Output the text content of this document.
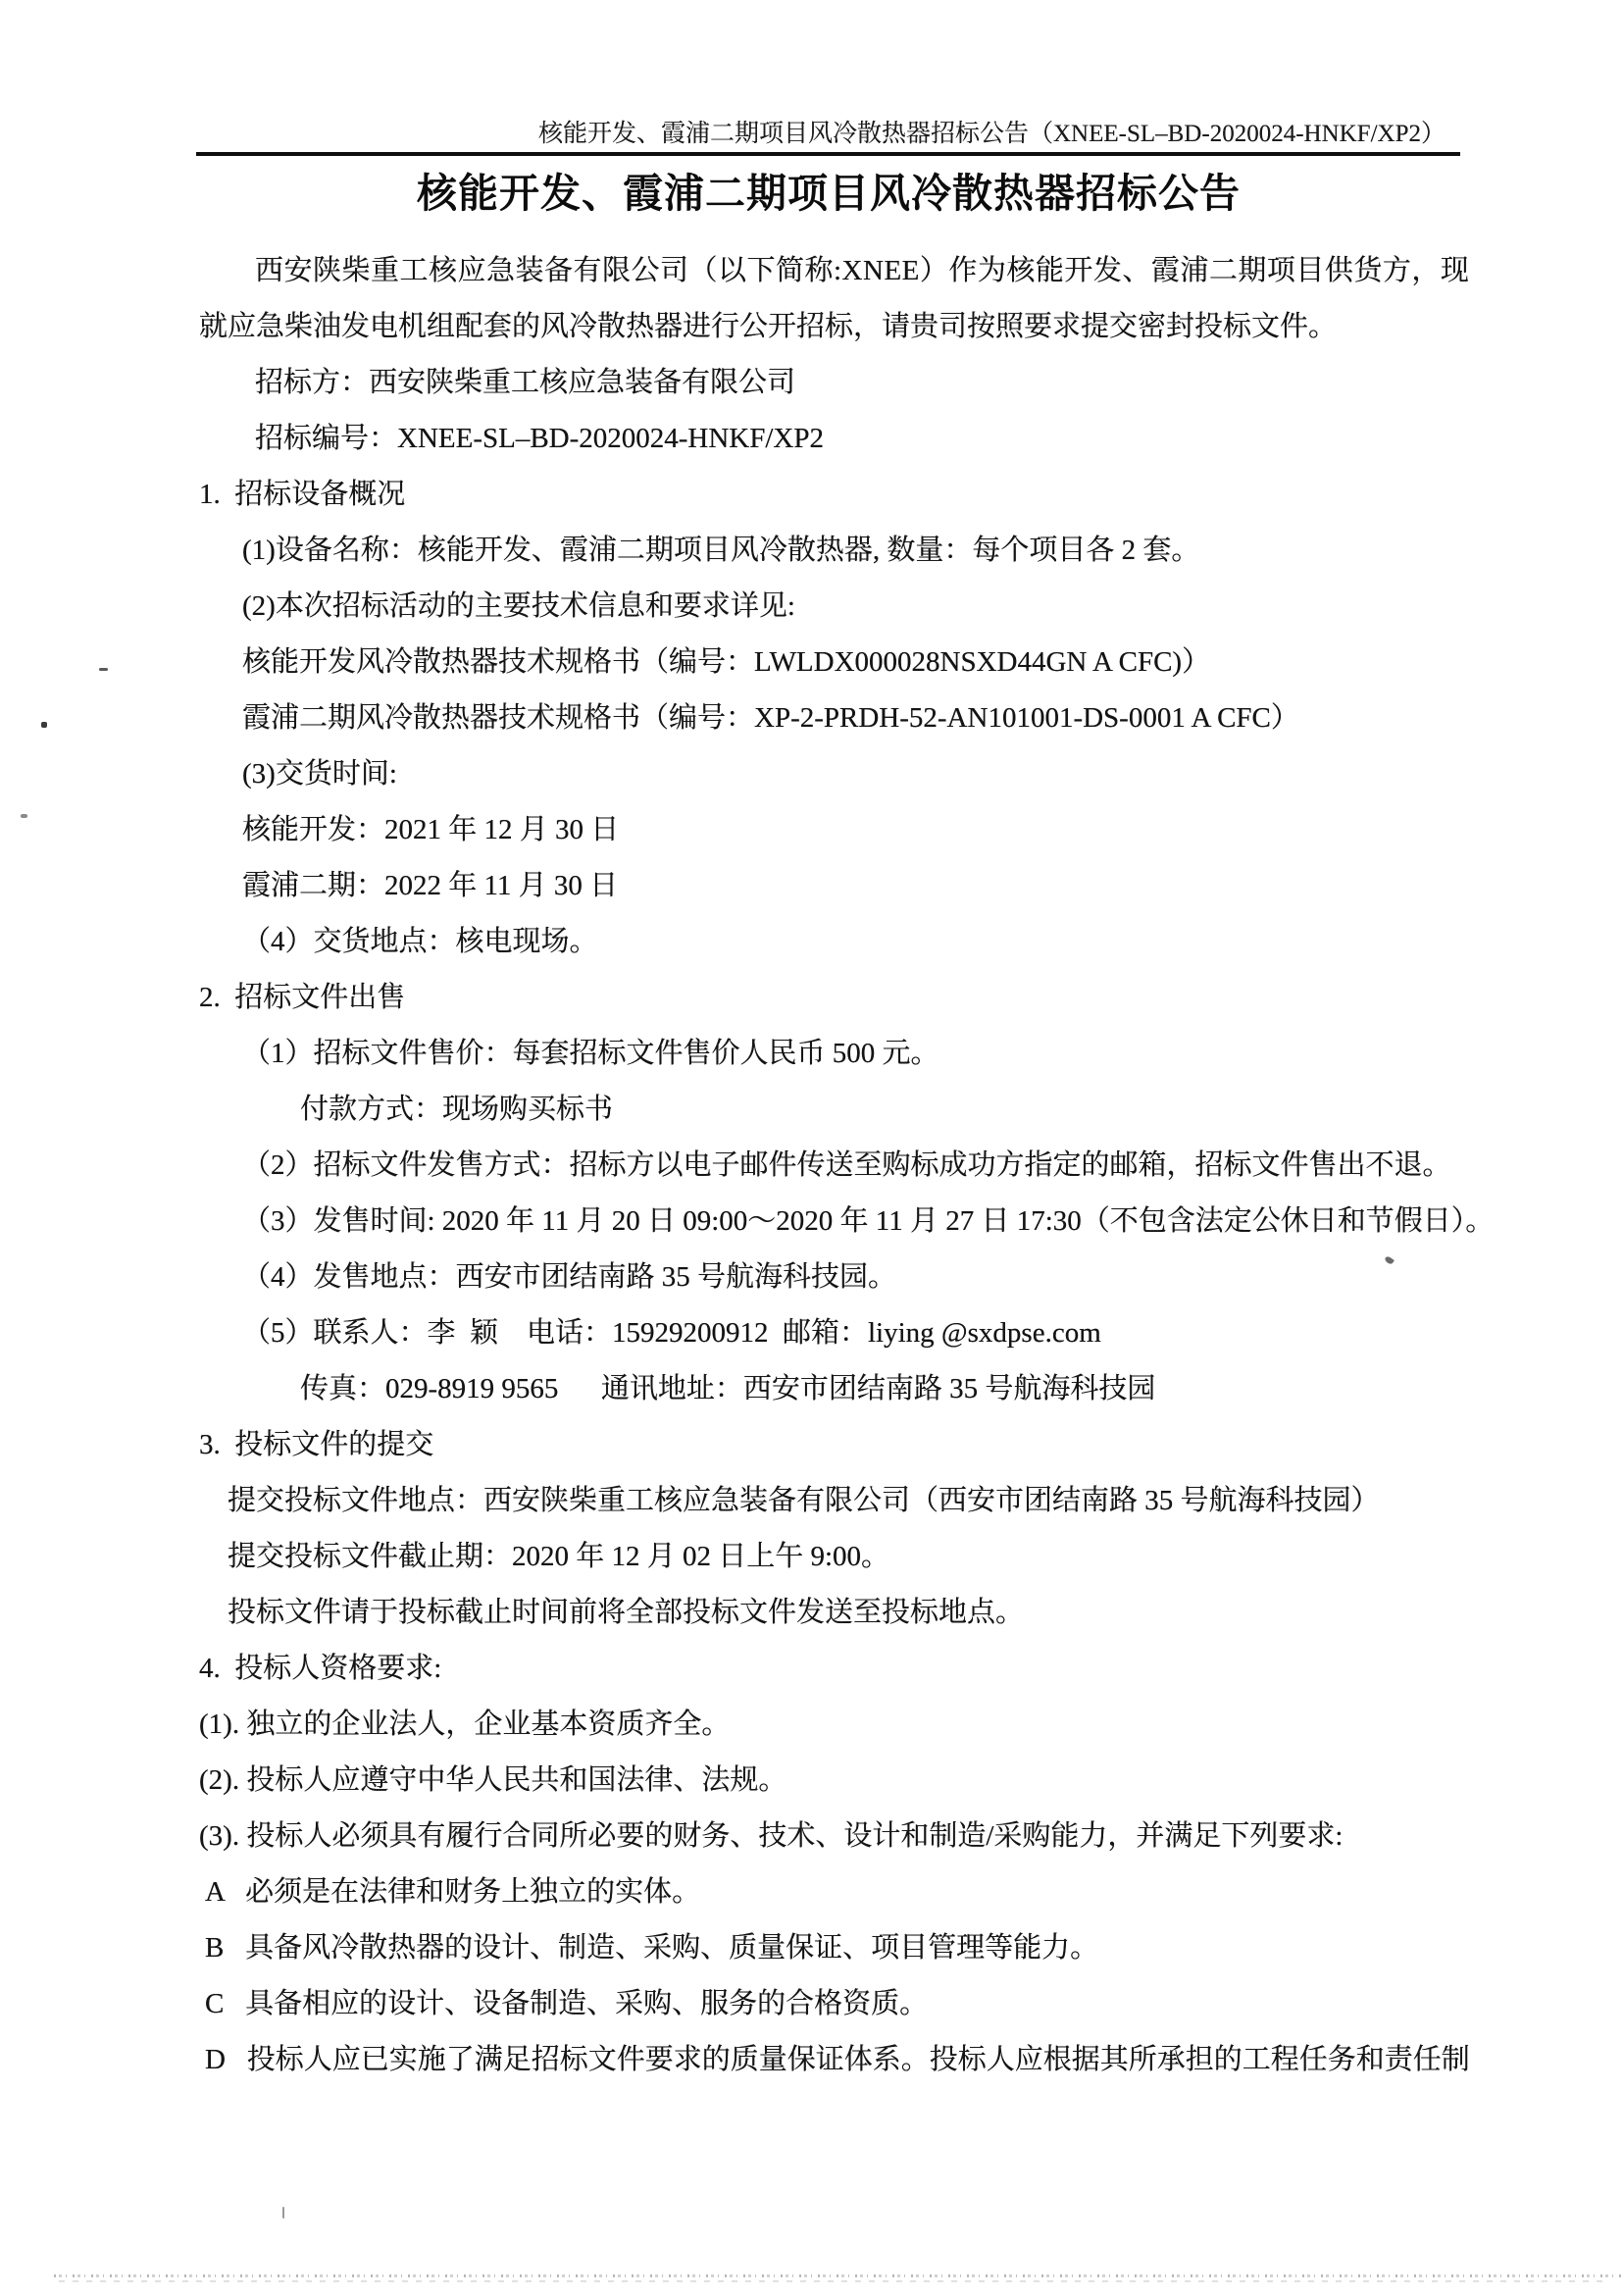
核能开发、霞浦二期项目风冷散热器招标公告（XNEE-SL–BD-2020024-HNKF/XP2）
核能开发、霞浦二期项目风冷散热器招标公告
西安陕柴重工核应急装备有限公司（以下简称:XNEE）作为核能开发、霞浦二期项目供货方，现
就应急柴油发电机组配套的风冷散热器进行公开招标，请贵司按照要求提交密封投标文件。
招标方：西安陕柴重工核应急装备有限公司
招标编号：XNEE-SL–BD-2020024-HNKF/XP2
1.  招标设备概况
(1)设备名称：核能开发、霞浦二期项目风冷散热器, 数量：每个项目各 2 套。
(2)本次招标活动的主要技术信息和要求详见:
核能开发风冷散热器技术规格书（编号：LWLDX000028NSXD44GN A CFC)）
霞浦二期风冷散热器技术规格书（编号：XP-2-PRDH-52-AN101001-DS-0001 A CFC）
(3)交货时间:
核能开发：2021 年 12 月 30 日
霞浦二期：2022 年 11 月 30 日
（4）交货地点：核电现场。
2.  招标文件出售
（1）招标文件售价：每套招标文件售价人民币 500 元。
付款方式：现场购买标书
（2）招标文件发售方式：招标方以电子邮件传送至购标成功方指定的邮箱，招标文件售出不退。
（3）发售时间: 2020 年 11 月 20 日 09:00～2020 年 11 月 27 日 17:30（不包含法定公休日和节假日）。
（4）发售地点：西安市团结南路 35 号航海科技园。
（5）联系人：李  颖    电话：15929200912  邮箱：liying @sxdpse.com
传真：029-8919 9565      通讯地址：西安市团结南路 35 号航海科技园
3.  投标文件的提交
提交投标文件地点：西安陕柴重工核应急装备有限公司（西安市团结南路 35 号航海科技园）
提交投标文件截止期：2020 年 12 月 02 日上午 9:00。
投标文件请于投标截止时间前将全部投标文件发送至投标地点。
4.  投标人资格要求:
(1). 独立的企业法人，企业基本资质齐全。
(2). 投标人应遵守中华人民共和国法律、法规。
(3). 投标人必须具有履行合同所必要的财务、技术、设计和制造/采购能力，并满足下列要求:
A   必须是在法律和财务上独立的实体。
B   具备风冷散热器的设计、制造、采购、质量保证、项目管理等能力。
C   具备相应的设计、设备制造、采购、服务的合格资质。
D   投标人应已实施了满足招标文件要求的质量保证体系。投标人应根据其所承担的工程任务和责任制
